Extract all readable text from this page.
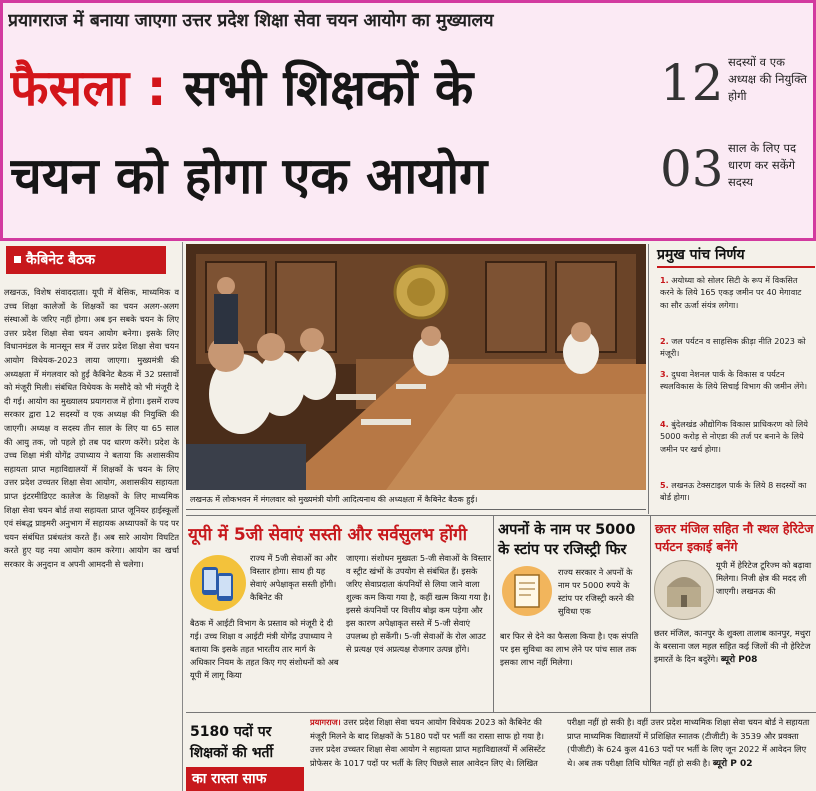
प्रयागराज में बनाया जाएगा उत्तर प्रदेश शिक्षा सेवा चयन आयोग का मुख्यालय
फैसला : सभी शिक्षकों के
चयन को होगा एक आयोग
12 सदस्यों व एक अध्यक्ष की नियुक्ति होगी
03 साल के लिए पद धारण कर सकेंगे सदस्य
कैबिनेट बैठक
लखनऊ, विशेष संवाददाता। यूपी में बेसिक, माध्यमिक व उच्च शिक्षा कालेजों के शिक्षकों का चयन अलग-अलग संस्थाओं के जरिए नहीं होगा। अब इन सबके चयन के लिए उत्तर प्रदेश शिक्षा सेवा चयन आयोग बनेगा। इसके लिए विधानमंडल के मानसून सत्र में उत्तर प्रदेश शिक्षा सेवा चयन आयोग विधेयक-2023 लाया जाएगा। मुख्यमंत्री की अध्यक्षता में मंगलवार को हुई कैबिनेट बैठक में 32 प्रस्तावों को मंजूरी मिली। संबंधित विधेयक के मसौदे को भी मंजूरी दे दी गई। आयोग का मुख्यालय प्रयागराज में होगा। इसमें राज्य सरकार द्वारा 12 सदस्यों व एक अध्यक्ष की नियुक्ति की जाएगी। अध्यक्ष व सदस्य तीन साल के लिए या 65 साल की आयु तक, जो पहले हो तब पद धारण करेंगे। प्रदेश के उच्च शिक्षा मंत्री योगेंद्र उपाध्याय ने बताया कि अशासकीय सहायता प्राप्त महाविद्यालयों में शिक्षकों के चयन के लिए उत्तर प्रदेश उच्चतर शिक्षा सेवा आयोग, अशासकीय सहायता प्राप्त इंटरमीडिएट कालेज के शिक्षकों के लिए माध्यमिक शिक्षा सेवा चयन बोर्ड तथा सहायता प्राप्त जूनियर हाईस्कूलों एवं संबद्ध प्राइमरी अनुभाग में सहायक अध्यापकों के पद पर चयन संबंधित प्रबंधतंत्र करते हैं। अब सारे आयोग विघटित करते हुए यह नया आयोग काम करेगा। आयोग का खर्चा सरकार के अनुदान व अपनी आमदनी से चलेगा।
लखनऊ में लोकभवन में मंगलवार को मुख्यमंत्री योगी आदित्यनाथ की अध्यक्षता में कैबिनेट बैठक हुई।
प्रमुख पांच निर्णय
1. अयोध्या को सोलर सिटी के रूप में विकसित करने के लिये 165 एकड़ जमीन पर 40 मेगावाट का सौर ऊर्जा संयंत्र लगेगा।
2. जल पर्यटन व साहसिक क्रीड़ा नीति 2023 को मंजूरी।
3. दुधवा नेशनल पार्क के विकास व पर्यटन स्थलविकास के लिये सिचाई विभाग की जमीन लेंगे।
4. बुंदेलखंड औद्योगिक विकास प्राधिकरण को लिये 5000 करोड़ से नोएडा की तर्ज पर बनाने के लिये जमीन पर खर्च होगा।
5. लखनऊ टेक्सटाइल पार्क के लिये 8 सदस्यों का बोर्ड होगा।
यूपी में 5जी सेवाएं सस्ती और सर्वसुलभ होंगी
राज्य में 5जी सेवाओं का और विस्तार होगा। साथ ही यह सेवाएं अपेक्षाकृत सस्ती होंगी। कैबिनेट की
बैठक में आईटी विभाग के प्रस्ताव को मंजूरी दे दी गई। उच्च शिक्षा व आईटी मंत्री योगेंद्र उपाध्याय ने बताया कि इसके तहत भारतीय तार मार्ग के अधिकार नियम के तहत किए गए संशोधनों को अब यूपी में लागू किया
जाएगा। संशोधन मुख्यतः 5-जी सेवाओं के विस्तार व स्ट्रीट खंभों के उपयोग से संबंधित हैं। इसके जरिए सेवाप्रदाता कंपनियों से लिया जाने वाला शुल्क कम किया गया है, कहीं खत्म किया गया है। इससे कंपनियों पर वित्तीय बोझ कम पड़ेगा और इस कारण अपेक्षाकृत सस्ते में 5-जी सेवाएं उपलब्ध हो सकेंगी। 5-जी सेवाओं के रोल आउट से प्रत्यक्ष एवं अप्रत्यक्ष रोजगार उत्पन्न होंगे।
अपनों के नाम पर 5000 के स्टांप पर रजिस्ट्री फिर
राज्य सरकार ने अपनों के नाम पर 5000 रुपये के स्टांप पर रजिस्ट्री करने की सुविधा एक
बार फिर से देने का फैसला किया है। एक संपति पर इस सुविधा का लाभ लेने पर पांच साल तक इसका लाभ नहीं मिलेगा।
छतर मंजिल सहित नौ स्थल हेरिटेज पर्यटन इकाई बनेंगे
यूपी में हेरिटेज टूरिज्म को बढ़ावा मिलेगा। निजी क्षेत्र की मदद ली जाएगी। लखनऊ की
छतर मंजिल, कानपुर के शुक्ला तालाब कानपुर, मथुरा के बरसाना जल महल सहित कई जिलों की नौ हेरिटेज इमारतें के दिन बदुरेंगे। ब्यूरो P08
5180 पदों पर शिक्षकों की भर्ती
का रास्ता साफ
प्रयागराज। उत्तर प्रदेश शिक्षा सेवा चयन आयोग विधेयक 2023 को कैबिनेट की मंजूरी मिलने के बाद शिक्षकों के 5180 पदों पर भर्ती का रास्ता साफ हो गया है। उत्तर प्रदेश उच्चतर शिक्षा सेवा आयोग ने सहायता प्राप्त महाविद्यालयों में असिस्टेंट प्रोफेसर के 1017 पदों पर भर्ती के लिए पिछले साल आवेदन लिए थे। लिखित
परीक्षा नहीं हो सकी है। वहीं उत्तर प्रदेश माध्यमिक शिक्षा सेवा चयन बोर्ड ने सहायता प्राप्त माध्यमिक विद्यालयों में प्रशिक्षित स्नातक (टीजीटी) के 3539 और प्रवक्ता (पीजीटी) के 624 कुल 4163 पदों पर भर्ती के लिए जून 2022 में आवेदन लिए थे। अब तक परीक्षा तिथि घोषित नहीं हो सकी है। ब्यूरो P 02
